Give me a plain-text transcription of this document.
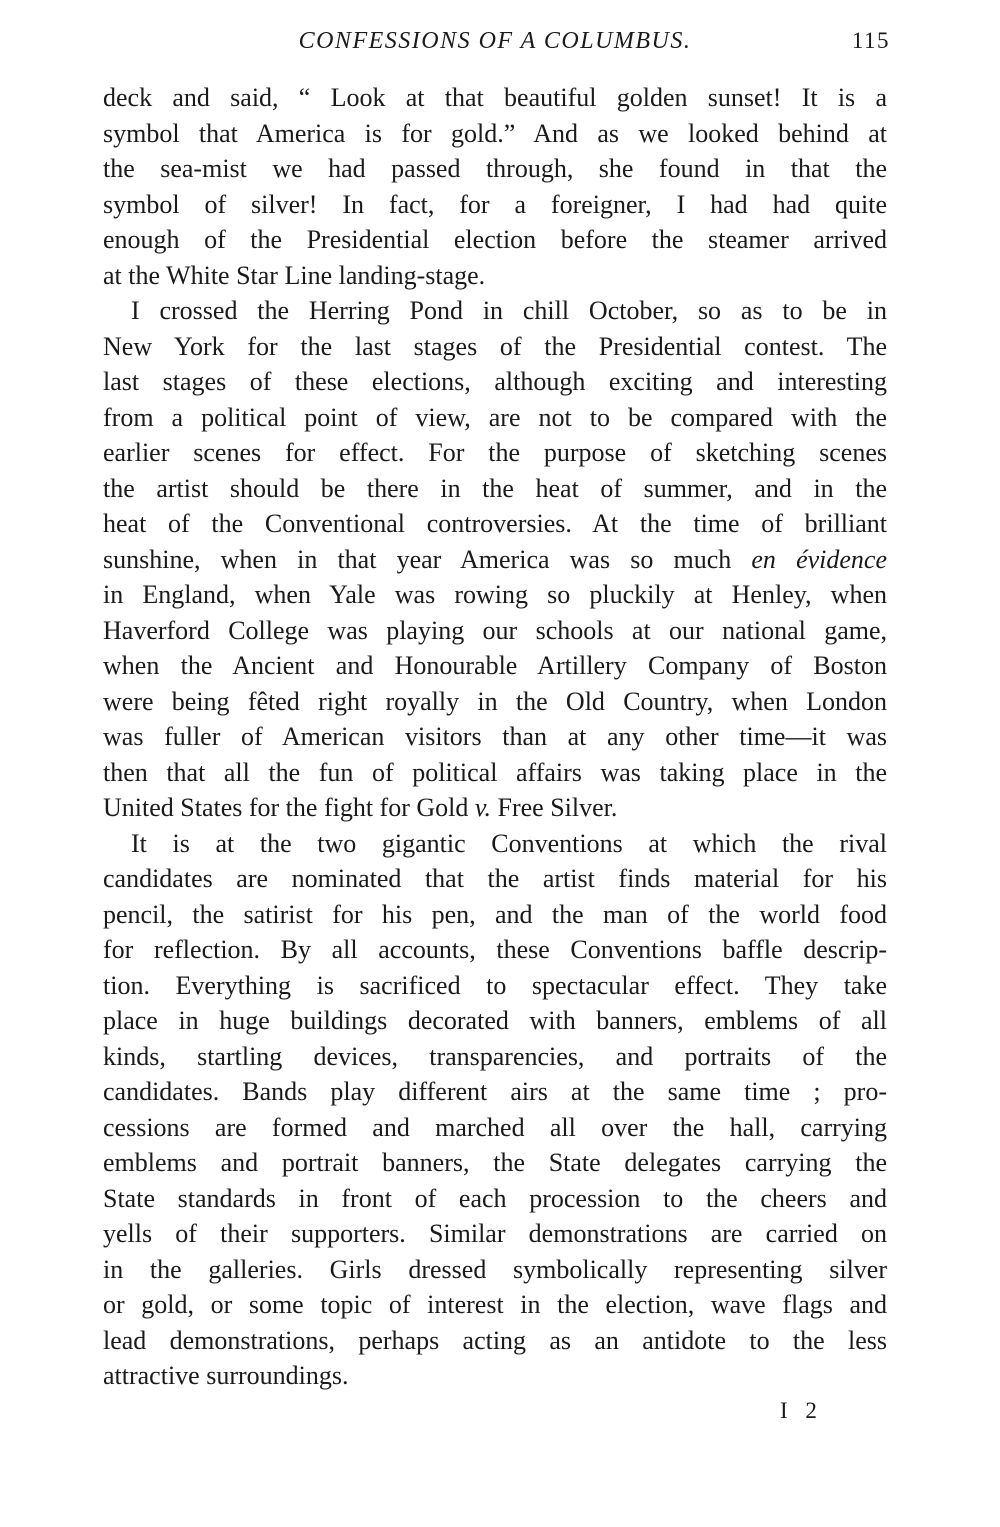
CONFESSIONS OF A COLUMBUS.	115

deck and said, “ Look at that beautiful golden sunset! It is a
symbol that America is for gold.” And as we looked behind at
the sea-mist we had passed through, she found in that the
symbol of silver! In fact, for a foreigner, I had had quite
enough of the Presidential election before the steamer arrived
at the White Star Line landing-stage.

I crossed the Herring Pond in chill October, so as to be in
New York for the last stages of the Presidential contest. The
last stages of these elections, although exciting and interesting
from a political point of view, are not to be compared with the
earlier scenes for effect. For the purpose of sketching scenes
the artist should be there in the heat of summer, and in the
heat of the Conventional controversies. At the time of brilliant
sunshine, when in that year America was so much en évidence
in England, when Yale was rowing so pluckily at Henley, when
Haverford College was playing our schools at our national game,
when the Ancient and Honourable Artillery Company of Boston
were being fêted right royally in the Old Country, when London
was fuller of American visitors than at any other time—it was
then that all the fun of political affairs was taking place in the
United States for the fight for Gold v. Free Silver.

It is at the two gigantic Conventions at which the rival
candidates are nominated that the artist finds material for his
pencil, the satirist for his pen, and the man of the world food
for reflection. By all accounts, these Conventions baffle descrip-
tion. Everything is sacrificed to spectacular effect. They take
place in huge buildings decorated with banners, emblems of all
kinds, startling devices, transparencies, and portraits of the
candidates. Bands play different airs at the same time ; pro-
cessions are formed and marched all over the hall, carrying
emblems and portrait banners, the State delegates carrying the
State standards in front of each procession to the cheers and
yells of their supporters. Similar demonstrations are carried on
in the galleries. Girls dressed symbolically representing silver
or gold, or some topic of interest in the election, wave flags and
lead demonstrations, perhaps acting as an antidote to the less
attractive surroundings.

I 2
